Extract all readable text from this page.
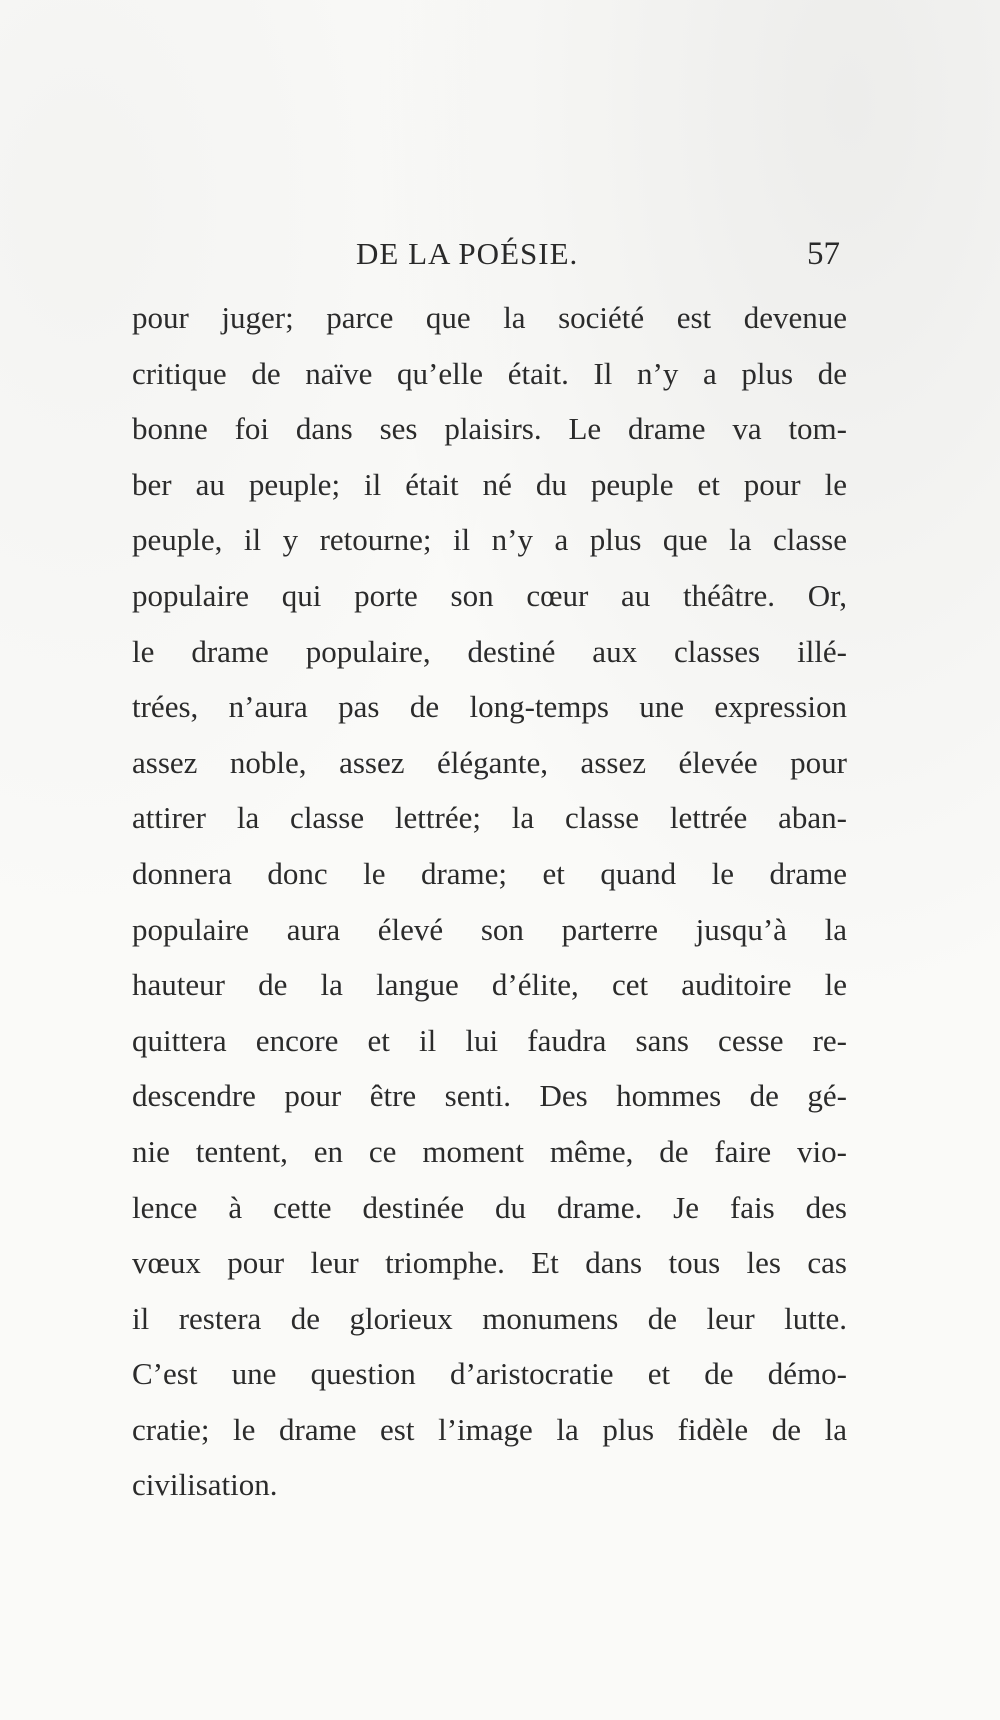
DE LA POÉSIE.	57
pour juger; parce que la société est devenue
critique de naïve qu’elle était. Il n’y a plus de
bonne foi dans ses plaisirs. Le drame va tom-
ber au peuple; il était né du peuple et pour le
peuple, il y retourne; il n’y a plus que la classe
populaire qui porte son cœur au théâtre. Or,
le drame populaire, destiné aux classes illé-
trées, n’aura pas de long-temps une expression
assez noble, assez élégante, assez élevée pour
attirer la classe lettrée; la classe lettrée aban-
donnera donc le drame; et quand le drame
populaire aura élevé son parterre jusqu’à la
hauteur de la langue d’élite, cet auditoire le
quittera encore et il lui faudra sans cesse re-
descendre pour être senti. Des hommes de gé-
nie tentent, en ce moment même, de faire vio-
lence à cette destinée du drame. Je fais des
vœux pour leur triomphe. Et dans tous les cas
il restera de glorieux monumens de leur lutte.
C’est une question d’aristocratie et de démo-
cratie; le drame est l’image la plus fidèle de la
civilisation.
